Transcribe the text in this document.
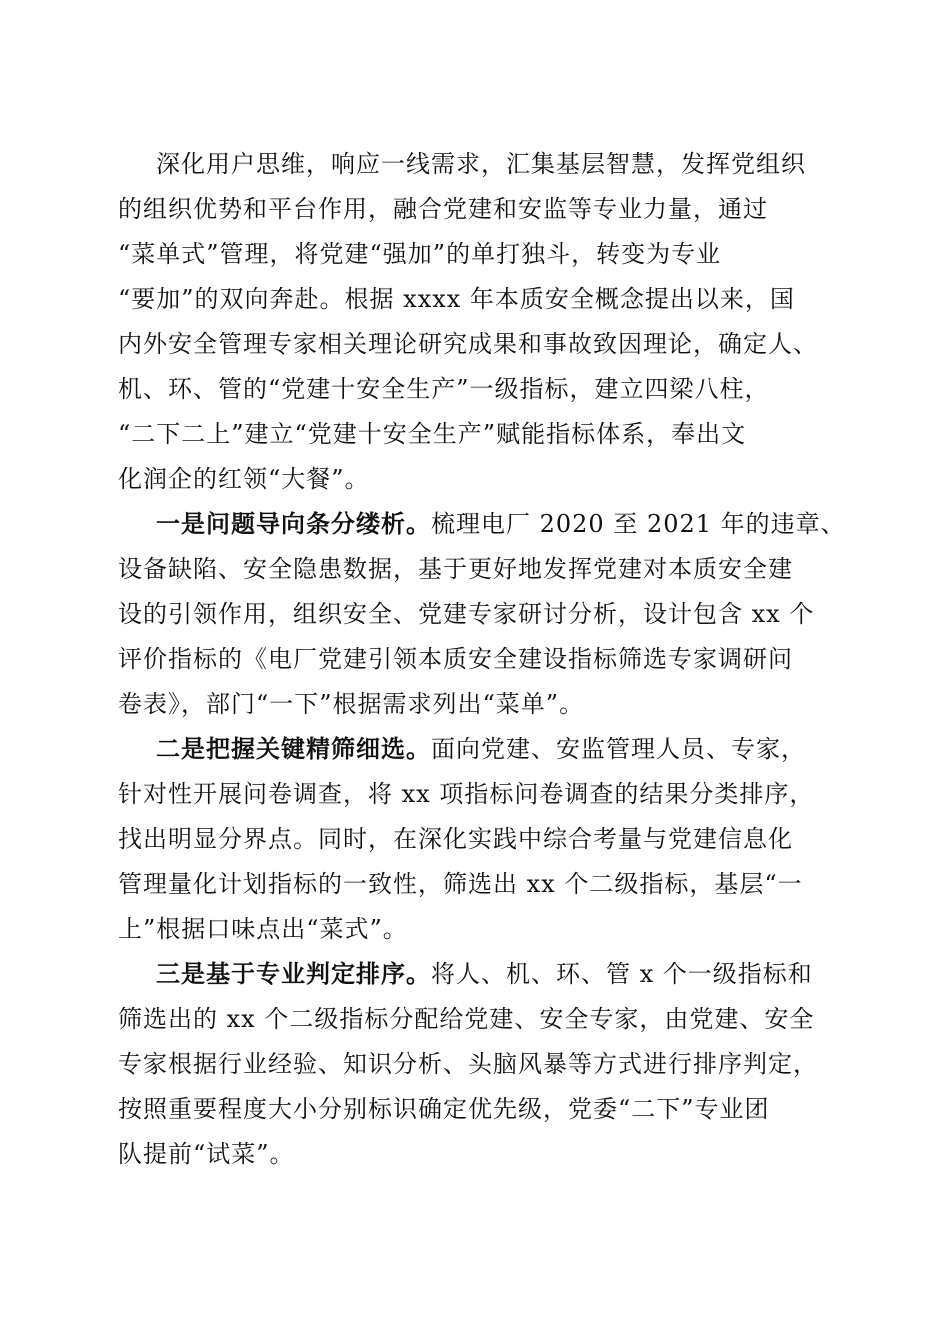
深化用户思维，响应一线需求，汇集基层智慧，发挥党组织
的组织优势和平台作用，融合党建和安监等专业力量，通过
“菜单式”管理，将党建“强加”的单打独斗，转变为专业
“要加”的双向奔赴。根据 xxxx 年本质安全概念提出以来，国
内外安全管理专家相关理论研究成果和事故致因理论，确定人、
机、环、管的“党建十安全生产”一级指标，建立四梁八柱，
“二下二上”建立“党建十安全生产”赋能指标体系，奉出文
化润企的红领“大餐”。
一是问题导向条分缕析。梳理电厂 2020 至 2021 年的违章、
设备缺陷、安全隐患数据，基于更好地发挥党建对本质安全建
设的引领作用，组织安全、党建专家研讨分析，设计包含 xx 个
评价指标的《电厂党建引领本质安全建设指标筛选专家调研问
卷表》，部门“一下”根据需求列出“菜单”。
二是把握关键精筛细选。面向党建、安监管理人员、专家，
针对性开展问卷调查，将 xx 项指标问卷调查的结果分类排序，
找出明显分界点。同时，在深化实践中综合考量与党建信息化
管理量化计划指标的一致性，筛选出 xx 个二级指标，基层“一
上”根据口味点出“菜式”。
三是基于专业判定排序。将人、机、环、管 x 个一级指标和
筛选出的 xx 个二级指标分配给党建、安全专家，由党建、安全
专家根据行业经验、知识分析、头脑风暴等方式进行排序判定，
按照重要程度大小分别标识确定优先级，党委“二下”专业团
队提前“试菜”。
